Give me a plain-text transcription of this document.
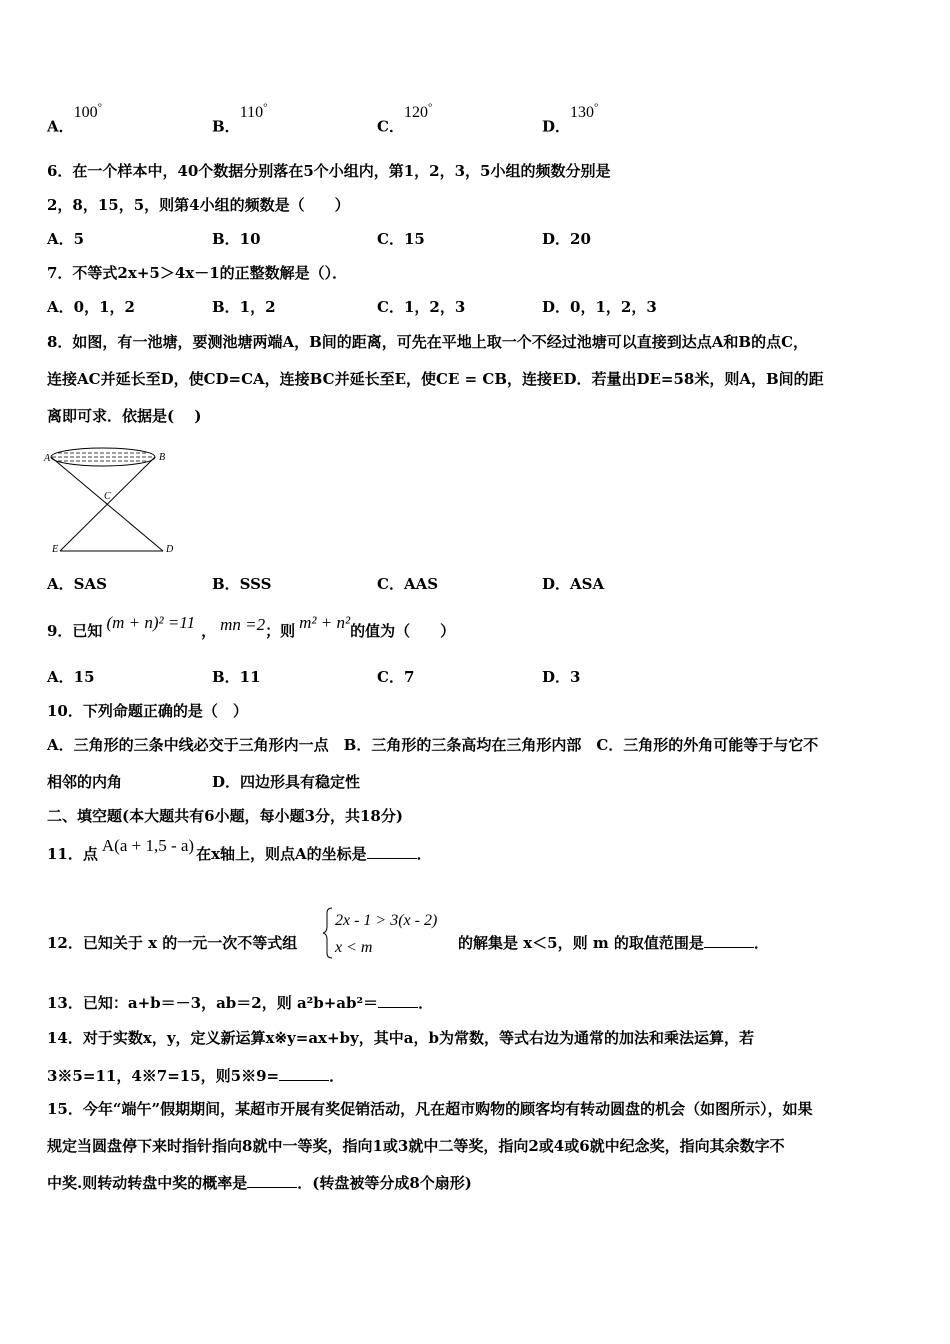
A．100°
B．110°
C．120°
D．130°
6．在一个样本中，40个数据分别落在5个小组内，第1，2，3，5小组的频数分别是
2，8，15，5，则第4小组的频数是（　　）
A．5	B．10	C．15	D．20
7．不等式2x+5＞4x－1的正整数解是（）．
A．0，1，2	B．1，2	C．1，2，3	D．0，1，2，3
8．如图，有一池塘，要测池塘两端A，B间的距离，可先在平地上取一个不经过池塘可以直接到达点A和B的点C，
连接AC并延长至D，使CD=CA，连接BC并延长至E，使CE = CB，连接ED．若量出DE=58米，则A，B间的距
离即可求．依据是(　 )
A	B
C
D
E
A．SAS	B．SSS	C．AAS	D．ASA
9．已知 (m + n)² =11 ， mn =2；则 m² + n²的值为（　　）
A．15	B．11	C．7	D．3
10．下列命题正确的是（　）
A．三角形的三条中线必交于三角形内一点　B．三角形的三条高均在三角形内部　C．三角形的外角可能等于与它不
相邻的内角	D．四边形具有稳定性
二、填空题(本大题共有6小题，每小题3分，共18分)
11．点 A(a + 1,5 - a) 在x轴上，则点A的坐标是	．
12．已知关于 x 的一元一次不等式组
2x - 1 > 3(x - 2)
x < m	的解集是 x＜5，则 m 的取值范围是	．
13．已知：a+b＝－3，ab＝2，则 a²b+ab²＝	．
14．对于实数x，y，定义新运算x※y=ax+by，其中a，b为常数，等式右边为通常的加法和乘法运算，若
3※5=11，4※7=15，则5※9=	．
15．今年“端午”假期期间，某超市开展有奖促销活动，凡在超市购物的顾客均有转动圆盘的机会（如图所示），如果
规定当圆盘停下来时指针指向8就中一等奖，指向1或3就中二等奖，指向2或4或6就中纪念奖，指向其余数字不
中奖.则转动转盘中奖的概率是	．(转盘被等分成8个扇形)
